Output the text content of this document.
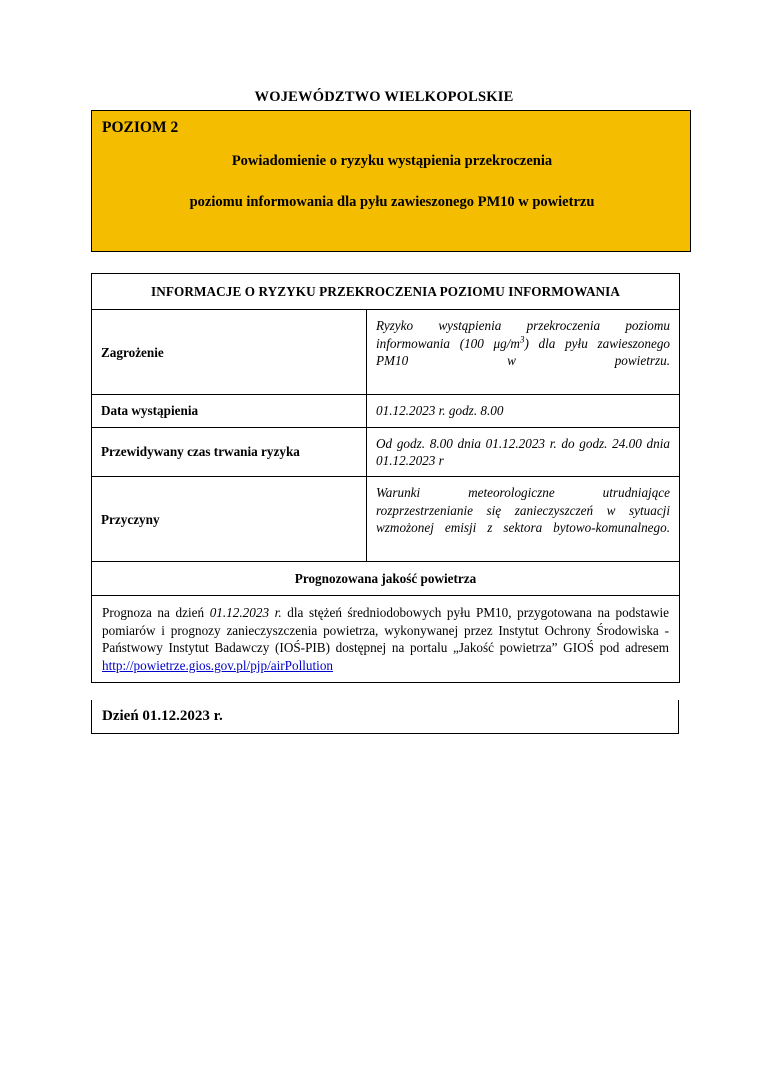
WOJEWÓDZTWO WIELKOPOLSKIE
POZIOM 2
Powiadomienie o ryzyku wystąpienia przekroczenia
poziomu informowania dla pyłu zawieszonego PM10 w powietrzu
INFORMACJE O RYZYKU PRZEKROCZENIA POZIOMU INFORMOWANIA	
Zagrożenie	Ryzyko wystąpienia przekroczenia poziomu informowania (100 $\mu g/m^3$) dla pyłu zawieszonego PM10 w powietrzu.
Data wystąpienia	01.12.2023 r. godz. 8.00
Przewidywany czas trwania ryzyka	Od godz. 8.00 dnia 01.12.2023 r. do godz. 24.00 dnia 01.12.2023 r
Przyczyny	Warunki meteorologiczne utrudniające rozprzestrzenianie się zanieczyszczeń w sytuacji wzmożonej emisji z sektora bytowo-komunalnego.
Prognozowana jakość powietrza	
Prognoza na dzień 01.12.2023 r. dla stężeń średniodobowych pyłu PM10, przygotowana na podstawie pomiarów i prognozy zanieczyszczenia powietrza, wykonywanej przez Instytut Ochrony Środowiska - Państwowy Instytut Badawczy (IOŚ-PIB) dostępnej na portalu „Jakość powietrza” GIOŚ pod adresem http://powietrze.gios.gov.pl/pjp/airPollution	
Dzień 01.12.2023 r.
